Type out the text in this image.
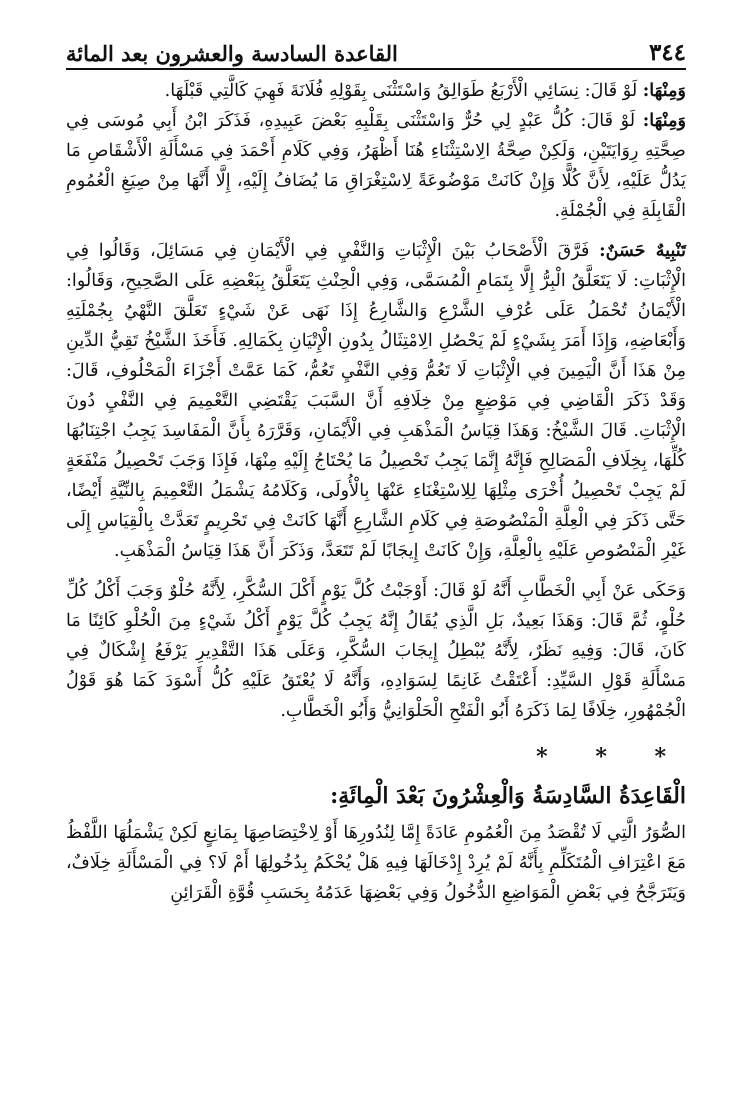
٣٤٤
القاعدة السادسة والعشرون بعد المائة

وَمِنْهَا: لَوْ قَالَ: نِسَائِي الْأَرْبَعُ طَوَالِقُ وَاسْتَثْنَى بِقَوْلِهِ فُلَانَةَ فَهِيَ كَالَّتِي قَبْلَهَا.

وَمِنْهَا: لَوْ قَالَ: كُلُّ عَبْدٍ لِي حُرٌّ وَاسْتَثْنَى بِقَلْبِهِ بَعْضَ عَبِيدِهِ، فَذَكَرَ ابْنُ أَبِي مُوسَى فِي صِحَّتِهِ رِوَايَتَيْنِ، وَلَكِنْ صِحَّةُ الِاسْتِثْنَاءِ هُنَا أَظْهَرُ، وَفِي كَلَامِ أَحْمَدَ فِي مَسْأَلَةِ الْأَشْقَاصِ مَا يَدُلُّ عَلَيْهِ، لِأَنَّ كُلًّا وَإِنْ كَانَتْ مَوْضُوعَةً لِاسْتِغْرَاقِ مَا يُضَافُ إِلَيْهِ، إِلَّا أَنَّهَا مِنْ صِيَغِ الْعُمُومِ الْقَابِلَةِ فِي الْجُمْلَةِ.

تَنْبِيهٌ حَسَنٌ: فَرَّقَ الْأَصْحَابُ بَيْنَ الْإِثْبَاتِ وَالنَّفْيِ فِي الْأَيْمَانِ فِي مَسَائِلَ، وَقَالُوا فِي الْإِثْبَاتِ: لَا يَتَعَلَّقُ الْبِرُّ إِلَّا بِتَمَامِ الْمُسَمَّى، وَفِي الْحِنْثِ يَتَعَلَّقُ بِبَعْضِهِ عَلَى الصَّحِيحِ، وَقَالُوا: الْأَيْمَانُ تُحْمَلُ عَلَى عُرْفِ الشَّرْعِ وَالشَّارِعُ إِذَا نَهَى عَنْ شَيْءٍ تَعَلَّقَ النَّهْيُ بِجُمْلَتِهِ وَأَبْعَاضِهِ، وَإِذَا أَمَرَ بِشَيْءٍ لَمْ يَحْصُلِ الِامْتِثَالُ بِدُونِ الْإِتْيَانِ بِكَمَالِهِ. فَأَخَذَ الشَّيْخُ تَقِيُّ الدِّينِ مِنْ هَذَا أَنَّ الْيَمِينَ فِي الْإِثْبَاتِ لَا تَعُمُّ وَفِي النَّفْيِ تَعُمُّ، كَمَا عَمَّتْ أَجْزَاءَ الْمَحْلُوفِ، قَالَ: وَقَدْ ذَكَرَ الْقَاضِي فِي مَوْضِعٍ مِنْ خِلَافِهِ أَنَّ السَّبَبَ يَقْتَضِي التَّعْمِيمَ فِي النَّفْيِ دُونَ الْإِثْبَاتِ. قَالَ الشَّيْخُ: وَهَذَا قِيَاسُ الْمَذْهَبِ فِي الْأَيْمَانِ، وَقَرَّرَهُ بِأَنَّ الْمَفَاسِدَ يَجِبُ اجْتِنَابُهَا كُلِّهَا، بِخِلَافِ الْمَصَالِحِ فَإِنَّهُ إِنَّمَا يَجِبُ تَحْصِيلُ مَا يُحْتَاجُ إِلَيْهِ مِنْهَا، فَإِذَا وَجَبَ تَحْصِيلُ مَنْفَعَةٍ لَمْ يَجِبْ تَحْصِيلُ أُخْرَى مِثْلِهَا لِلِاسْتِغْنَاءِ عَنْهَا بِالْأُولَى، وَكَلَامُهُ يَشْمَلُ التَّعْمِيمَ بِالنِّيَّةِ أَيْضًا، حَتَّى ذَكَرَ فِي الْعِلَّةِ الْمَنْصُوصَةِ فِي كَلَامِ الشَّارِعِ أَنَّهَا كَانَتْ فِي تَحْرِيمٍ تَعَدَّتْ بِالْقِيَاسِ إِلَى غَيْرِ الْمَنْصُوصِ عَلَيْهِ بِالْعِلَّةِ، وَإِنْ كَانَتْ إِيجَابًا لَمْ تَتَعَدَّ، وَذَكَرَ أَنَّ هَذَا قِيَاسُ الْمَذْهَبِ.

وَحَكَى عَنْ أَبِي الْخَطَّابِ أَنَّهُ لَوْ قَالَ: أَوْجَبْتُ كُلَّ يَوْمٍ أَكْلَ السُّكَّرِ، لِأَنَّهُ حُلْوٌ وَجَبَ أَكْلُ كُلِّ حُلْوٍ، ثُمَّ قَالَ: وَهَذَا بَعِيدٌ، بَلِ الَّذِي يُقَالُ إِنَّهُ يَجِبُ كُلَّ يَوْمٍ أَكْلُ شَيْءٍ مِنَ الْحُلْوِ كَائِنًا مَا كَانَ، قَالَ: وَفِيهِ نَظَرٌ، لِأَنَّهُ يُبْطِلُ إِيجَابَ السُّكَّرِ، وَعَلَى هَذَا التَّقْدِيرِ يَرْفَعُ إِشْكَالٌ فِي مَسْأَلَةِ قَوْلِ السَّيِّدِ: أَعْتَقْتُ غَانِمًا لِسَوَادِهِ، وَأَنَّهُ لَا يُعْتَقُ عَلَيْهِ كُلُّ أَسْوَدَ كَمَا هُوَ قَوْلُ الْجُمْهُورِ، خِلَافًا لِمَا ذَكَرَهُ أَبُو الْفَتْحِ الْحَلْوَانِيُّ وَأَبُو الْخَطَّابِ.

* * *
الْقَاعِدَةُ السَّادِسَةُ وَالْعِشْرُونَ بَعْدَ الْمِائَةِ:

الصُّوَرُ الَّتِي لَا تُقْصَدُ مِنَ الْعُمُومِ عَادَةً إِمَّا لِنُدُورِهَا أَوْ لِاخْتِصَاصِهَا بِمَانِعٍ لَكِنْ يَشْمَلُهَا اللَّفْظُ مَعَ اعْتِرَافِ الْمُتَكَلِّمِ بِأَنَّهُ لَمْ يُرِدْ إِدْخَالَهَا فِيهِ هَلْ يُحْكَمُ بِدُخُولِهَا أَمْ لَا؟ فِي الْمَسْأَلَةِ خِلَافٌ، وَيَتَرَجَّحُ فِي بَعْضِ الْمَوَاضِعِ الدُّخُولُ وَفِي بَعْضِهَا عَدَمُهُ بِحَسَبِ قُوَّةِ الْقَرَائِنِ
